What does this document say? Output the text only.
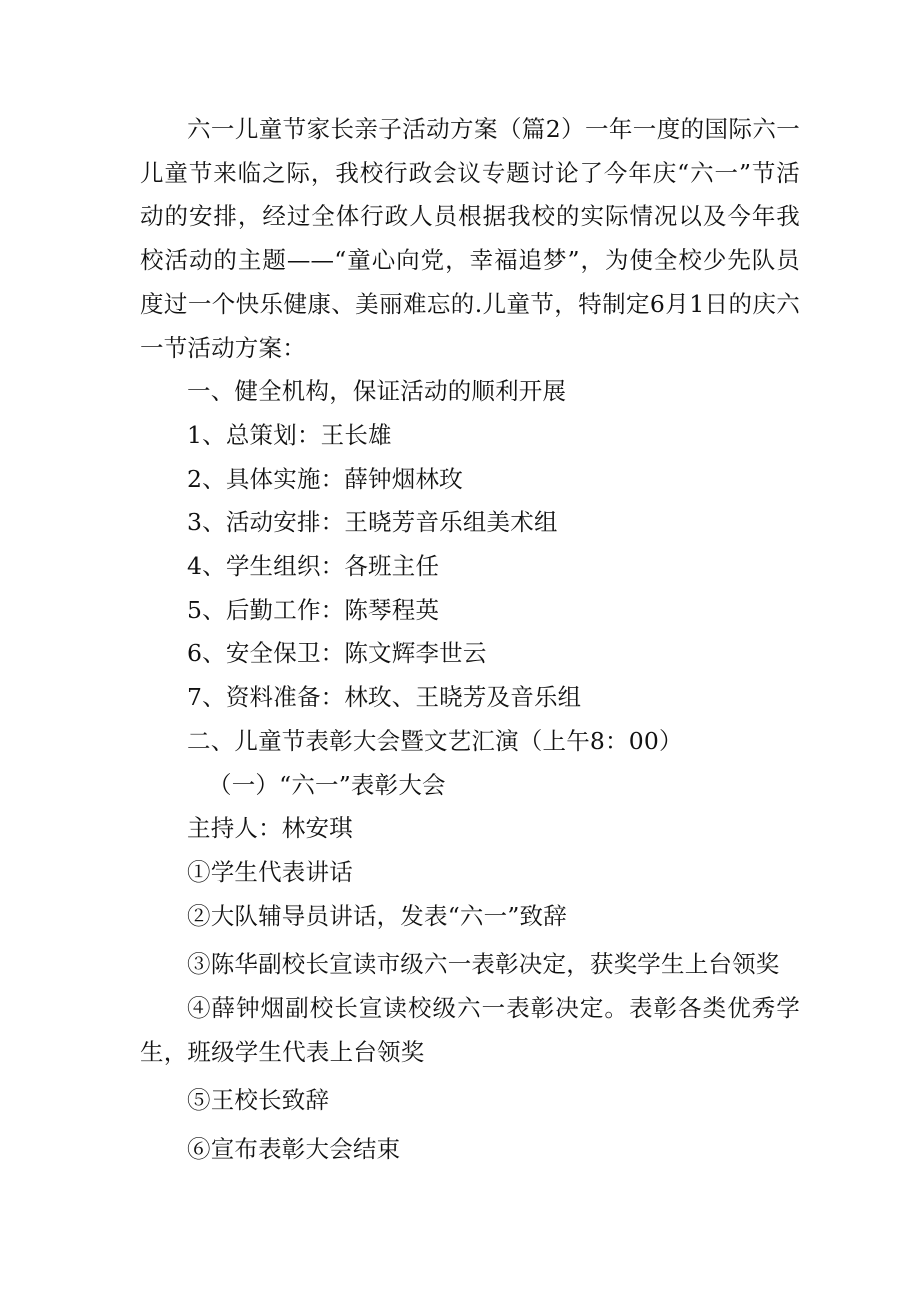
六一儿童节家长亲子活动方案（篇2）一年一度的国际六一儿童节来临之际，我校行政会议专题讨论了今年庆“六一”节活动的安排，经过全体行政人员根据我校的实际情况以及今年我校活动的主题——“童心向党，幸福追梦”，为使全校少先队员度过一个快乐健康、美丽难忘的.儿童节，特制定6月1日的庆六一节活动方案：

一、健全机构，保证活动的顺利开展

1、总策划：王长雄

2、具体实施：薛钟烟林玫

3、活动安排：王晓芳音乐组美术组

4、学生组织：各班主任

5、后勤工作：陈琴程英

6、安全保卫：陈文辉李世云

7、资料准备：林玫、王晓芳及音乐组

二、儿童节表彰大会暨文艺汇演（上午8：00）

（一）“六一”表彰大会

主持人：林安琪

①学生代表讲话

②大队辅导员讲话，发表“六一”致辞

③陈华副校长宣读市级六一表彰决定，获奖学生上台领奖

④薛钟烟副校长宣读校级六一表彰决定。表彰各类优秀学生，班级学生代表上台领奖

⑤王校长致辞

⑥宣布表彰大会结束
